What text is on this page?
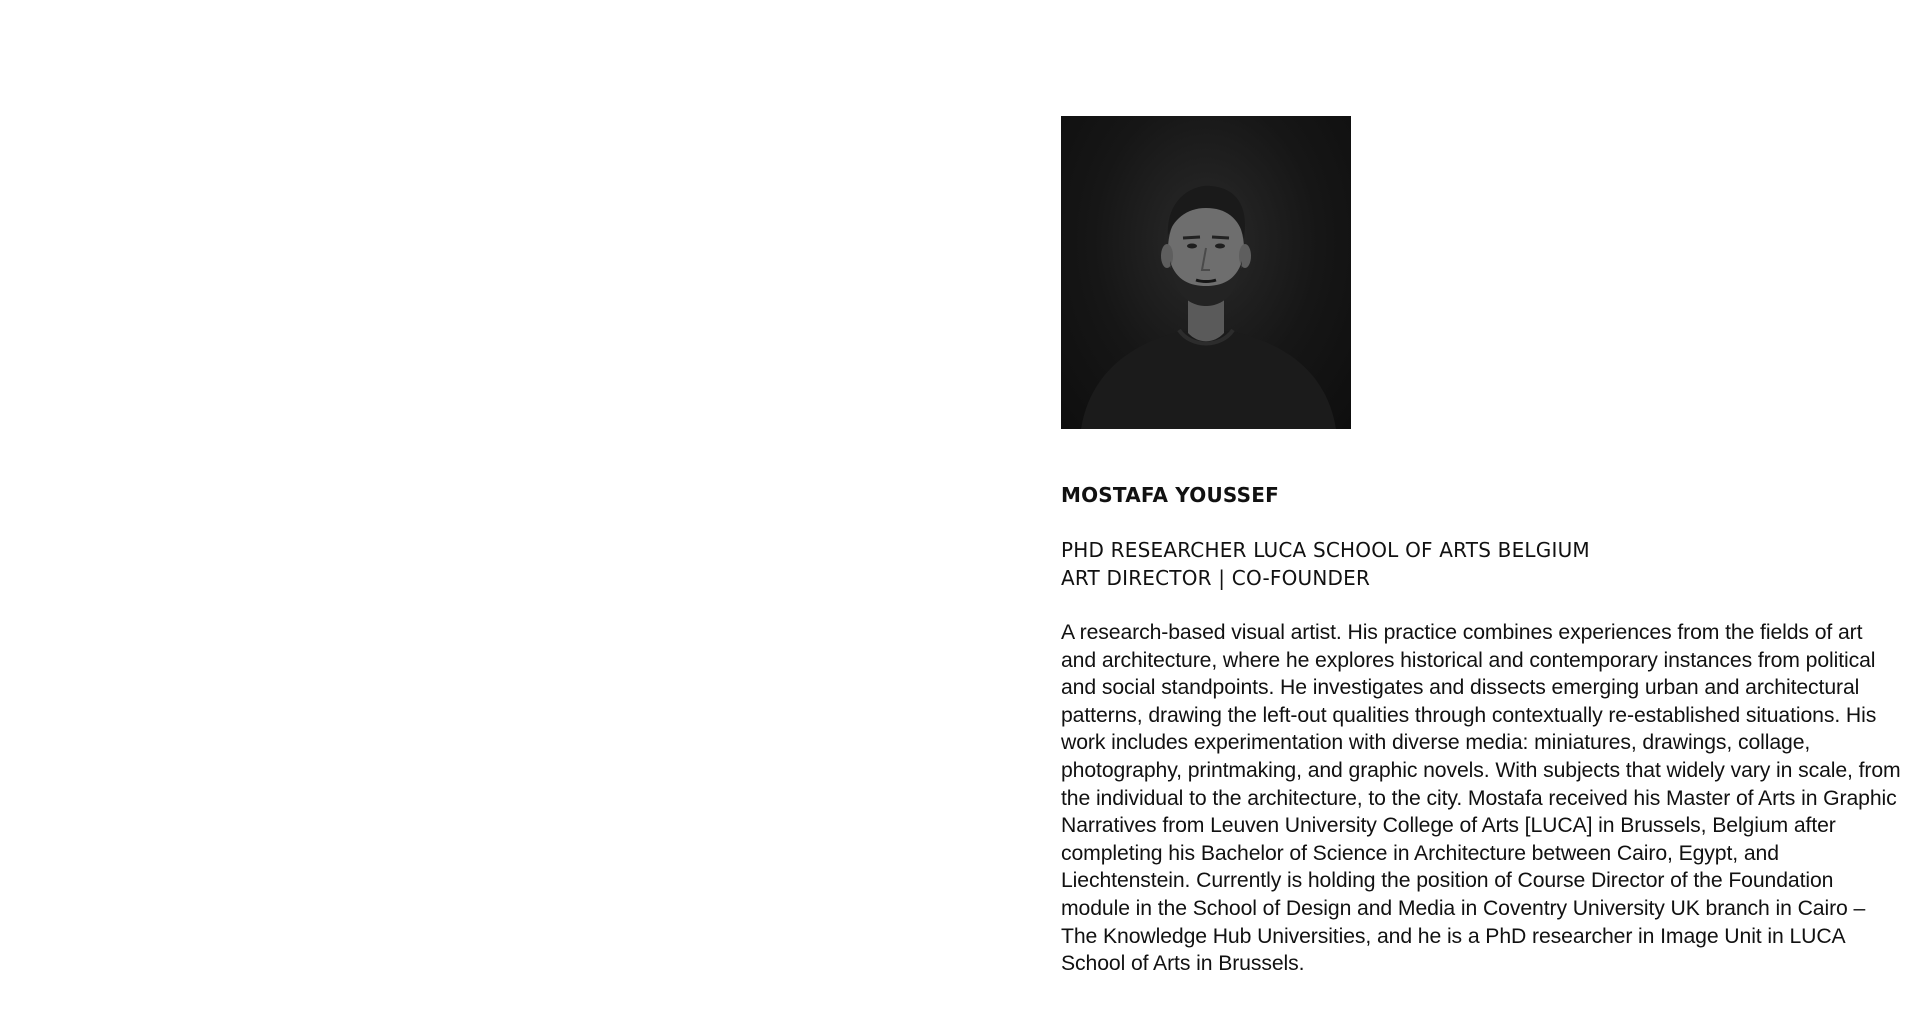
MOSTAFA YOUSSEF
PHD RESEARCHER LUCA SCHOOL OF ARTS BELGIUM
ART DIRECTOR | CO-FOUNDER

A research-based visual artist. His practice combines experiences from the fields of art and architecture, where he explores historical and contemporary instances from political and social standpoints. He investigates and dissects emerging urban and architectural patterns, drawing the left-out qualities through contextually re-established situations. His work includes experimentation with diverse media: miniatures, drawings, collage, photography, printmaking, and graphic novels. With subjects that widely vary in scale, from the individual to the architecture, to the city. Mostafa received his Master of Arts in Graphic Narratives from Leuven University College of Arts [LUCA] in Brussels, Belgium after completing his Bachelor of Science in Architecture between Cairo, Egypt, and Liechtenstein. Currently is holding the position of Course Director of the Foundation module in the School of Design and Media in Coventry University UK branch in Cairo – The Knowledge Hub Universities, and he is a PhD researcher in Image Unit in LUCA School of Arts in Brussels.
